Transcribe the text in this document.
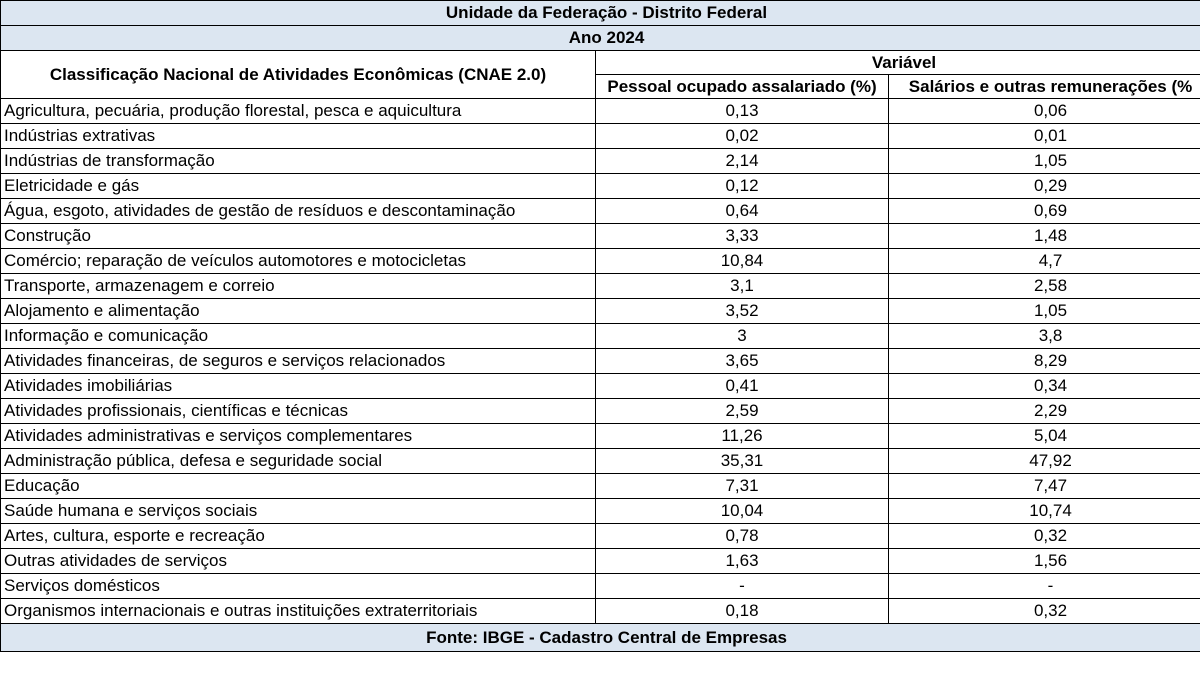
Unidade da Federação - Distrito Federal		
Ano 2024		
Classificação Nacional de Atividades Econômicas (CNAE 2.0)	Variável	
	Pessoal ocupado assalariado (%)	Salários e outras remunerações (%
Agricultura, pecuária, produção florestal, pesca e aquicultura	0,13	0,06
Indústrias extrativas	0,02	0,01
Indústrias de transformação	2,14	1,05
Eletricidade e gás	0,12	0,29
Água, esgoto, atividades de gestão de resíduos e descontaminação	0,64	0,69
Construção	3,33	1,48
Comércio; reparação de veículos automotores e motocicletas	10,84	4,7
Transporte, armazenagem e correio	3,1	2,58
Alojamento e alimentação	3,52	1,05
Informação e comunicação	3	3,8
Atividades financeiras, de seguros e serviços relacionados	3,65	8,29
Atividades imobiliárias	0,41	0,34
Atividades profissionais, científicas e técnicas	2,59	2,29
Atividades administrativas e serviços complementares	11,26	5,04
Administração pública, defesa e seguridade social	35,31	47,92
Educação	7,31	7,47
Saúde humana e serviços sociais	10,04	10,74
Artes, cultura, esporte e recreação	0,78	0,32
Outras atividades de serviços	1,63	1,56
Serviços domésticos	-	-
Organismos internacionais e outras instituições extraterritoriais	0,18	0,32
Fonte: IBGE - Cadastro Central de Empresas		
